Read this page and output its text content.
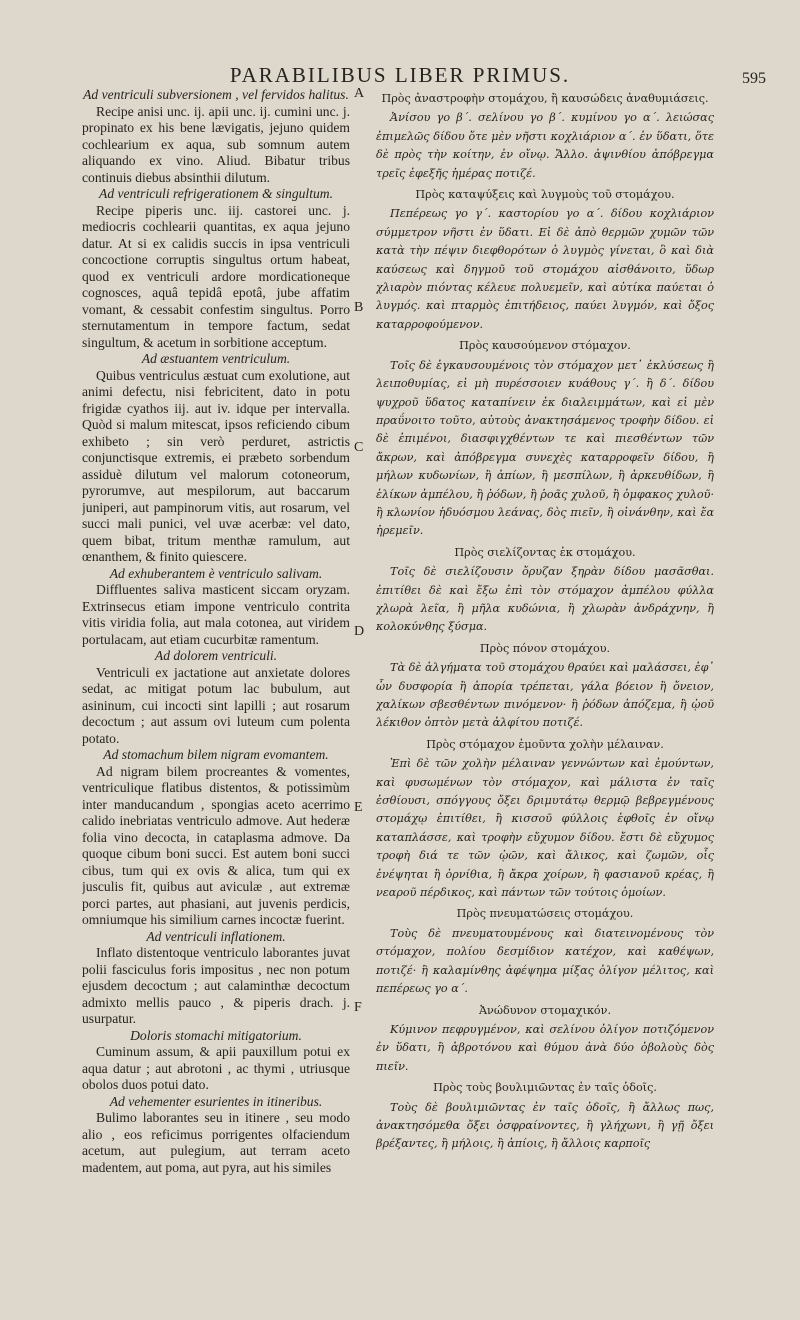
PARABILIBUS LIBER PRIMUS.	595
Ad ventriculi subversionem , vel fervidos halitus.
Recipe anisi unc. ij. apii unc. ij. cumini unc. j. propinato ex his bene lævigatis, jejuno quidem cochlearium ex aqua, sub somnum autem aliquando ex vino. Aliud. Bibatur tribus continuis diebus absinthii dilutum.
Ad ventriculi refrigerationem & singultum.
Recipe piperis unc. iij. castorei unc. j. mediocris cochlearii quantitas, ex aqua jejuno datur. At si ex calidis succis in ipsa ventriculi concoctione corruptis singultus ortum habeat, quod ex ventriculi ardore mordicationeque cognosces, aquâ tepidâ epotâ, jube affatim vomant, & cessabit confestim singultus. Porro sternutamentum in tempore factum, sedat singultum, & acetum in sorbitione acceptum.
Ad æstuantem ventriculum.
Quibus ventriculus æstuat cum exolutione, aut animi defectu, nisi febricitent, dato in potu frigidæ cyathos iij. aut iv. idque per intervalla. Quòd si malum mitescat, ipsos reficiendo cibum exhibeto ; sin verò perduret, astrictis conjunctisque extremis, ei præbeto sorbendum assiduè dilutum vel malorum cotoneorum, pyrorumve, aut mespilorum, aut baccarum juniperi, aut pampinorum vitis, aut rosarum, vel succi mali punici, vel uvæ acerbæ: vel dato, quem bibat, tritum menthæ ramulum, aut œnanthem, & finito quiescere.
Ad exhuberantem è ventriculo salivam.
Diffluentes saliva masticent siccam oryzam. Extrinsecus etiam impone ventriculo contrita vitis viridia folia, aut mala cotonea, aut viridem portulacam, aut etiam cucurbitæ ramentum.
Ad dolorem ventriculi.
Ventriculi ex jactatione aut anxietate dolores sedat, ac mitigat potum lac bubulum, aut asininum, cui incocti sint lapilli ; aut rosarum decoctum ; aut assum ovi luteum cum polenta potato.
Ad stomachum bilem nigram evomantem.
Ad nigram bilem procreantes & vomentes, ventriculique flatibus distentos, & potissimùm inter manducandum , spongias aceto acerrimo calido inebriatas ventriculo admove. Aut hederæ folia vino decocta, in cataplasma admove. Da quoque cibum boni succi. Est autem boni succi cibus, tum qui ex ovis & alica, tum qui ex jusculis fit, quibus aut aviculæ , aut extremæ porci partes, aut phasiani, aut juvenis perdicis, omniumque his similium carnes incoctæ fuerint.
Ad ventriculi inflationem.
Inflato distentoque ventriculo laborantes juvat polii fasciculus foris impositus , nec non potum ejusdem decoctum ; aut calaminthæ decoctum admixto mellis pauco , & piperis drach. j. usurpatur.
Doloris stomachi mitigatorium.
Cuminum assum, & apii pauxillum potui ex aqua datur ; aut abrotoni , ac thymi , utriusque obolos duos potui dato.
Ad vehementer esurientes in itineribus.
Bulimo laborantes seu in itinere , seu modo alio , eos reficimus porrigentes olfaciendum acetum, aut pulegium, aut terram aceto madentem, aut poma, aut pyra, aut his similes
Πρὸς ἀναστροφὴν στομάχου, ἢ καυσώδεις ἀναθυμιάσεις.
Ἀνίσου γο β΄. σελίνου γο β΄. κυμίνου γο α΄. λειώσας ἐπιμελῶς δίδου ὅτε μὲν νῆστι κοχλιάριον α΄. ἐν ὕδατι, ὅτε δὲ πρὸς τὴν κοίτην, ἐν οἴνῳ. Ἄλλο. ἀψινθίου ἀπόβρεγμα τρεῖς ἐφεξῆς ἡμέρας ποτιζέ.
Πρὸς καταψύξεις καὶ λυγμοὺς τοῦ στομάχου.
Πεπέρεως γο γ΄. καστορίου γο α΄. δίδου κοχλιάριον σύμμετρον νῆστι ἐν ὕδατι. Εἰ δὲ ἀπὸ θερμῶν χυμῶν τῶν κατὰ τὴν πέψιν διεφθορότων ὁ λυγμὸς γίνεται, ὃ καὶ διὰ καύσεως καὶ δηγμοῦ τοῦ στομάχου αἰσθάνοιτο, ὕδωρ χλιαρὸν πιόντας κέλευε πολυεμεῖν, καὶ αὐτίκα παύεται ὁ λυγμός. καὶ πταρμὸς ἐπιτήδειος, παύει λυγμόν, καὶ ὄξος καταρροφούμενον.
Πρὸς καυσούμενον στόμαχον.
Τοῖς δὲ ἐγκαυσουμένοις τὸν στόμαχον μετ᾽ ἐκλύσεως ἢ λειποθυμίας, εἰ μὴ πυρέσσοιεν κυάθους γ΄. ἢ δ΄. δίδου ψυχροῦ ὕδατος καταπίνειν ἐκ διαλειμμάτων, καὶ εἰ μὲν πραΰνοιτο τοῦτο, αὐτοὺς ἀνακτησάμενος τροφὴν δίδου. εἰ δὲ ἐπιμένοι, διασφιγχθέντων τε καὶ πιεσθέντων τῶν ἄκρων, καὶ ἀπόβρεγμα συνεχὲς καταρροφεῖν δίδου, ἢ μήλων κυδωνίων, ἢ ἀπίων, ἢ μεσπίλων, ἢ ἀρκευθίδων, ἢ ἑλίκων ἀμπέλου, ἢ ῥόδων, ἢ ῥοᾶς χυλοῦ, ἢ ὀμφακος χυλοῦ· ἢ κλωνίον ἡδυόσμου λεάνας, δὸς πιεῖν, ἢ οἰνάνθην, καὶ ἔα ἠρεμεῖν.
Πρὸς σιελίζοντας ἐκ στομάχου.
Τοῖς δὲ σιελίζουσιν ὄρυζαν ξηρὰν δίδου μασᾶσθαι. ἐπιτίθει δὲ καὶ ἔξω ἐπὶ τὸν στόμαχον ἀμπέλου φύλλα χλωρὰ λεῖα, ἢ μῆλα κυδώνια, ἢ χλωρὰν ἀνδράχνην, ἢ κολοκύνθης ξύσμα.
Πρὸς πόνον στομάχου.
Τὰ δὲ ἀλγήματα τοῦ στομάχου θραύει καὶ μαλάσσει, ἐφ᾽ ὧν δυσφορία ἢ ἀπορία τρέπεται, γάλα βόειον ἢ ὄνειον, χαλίκων σβεσθέντων πινόμενον· ἢ ῥόδων ἀπόζεμα, ἢ ᾠοῦ λέκιθον ὀπτὸν μετὰ ἀλφίτου ποτιζέ.
Πρὸς στόμαχον ἐμοῦντα χολὴν μέλαιναν.
Ἐπὶ δὲ τῶν χολὴν μέλαιναν γεννώντων καὶ ἐμούντων, καὶ φυσωμένων τὸν στόμαχον, καὶ μάλιστα ἐν ταῖς ἐσθίουσι, σπόγγους ὄξει δριμυτάτῳ θερμῷ βεβρεγμένους στομάχῳ ἐπιτίθει, ἢ κισσοῦ φύλλοις ἑφθοῖς ἐν οἴνῳ καταπλάσσε, καὶ τροφὴν εὔχυμον δίδου. ἔστι δὲ εὔχυμος τροφὴ διά τε τῶν ᾠῶν, καὶ ἄλικος, καὶ ζωμῶν, οἷς ἐνέψηται ἢ ὀρνίθια, ἢ ἄκρα χοίρων, ἢ φασιανοῦ κρέας, ἢ νεαροῦ πέρδικος, καὶ πάντων τῶν τούτοις ὁμοίων.
Πρὸς πνευματώσεις στομάχου.
Τοὺς δὲ πνευματουμένους καὶ διατεινομένους τὸν στόμαχον, πολίου δεσμίδιον κατέχον, καὶ καθέψων, ποτιζέ· ἢ καλαμίνθης ἀφέψημα μίξας ὀλίγον μέλιτος, καὶ πεπέρεως γο α΄.
Ἀνώδυνον στομαχικόν.
Κύμινον πεφρυγμένον, καὶ σελίνου ὀλίγον ποτιζόμενον ἐν ὕδατι, ἢ ἀβροτόνου καὶ θύμου ἀνὰ δύο ὀβολοὺς δὸς πιεῖν.
Πρὸς τοὺς βουλιμιῶντας ἐν ταῖς ὁδοῖς.
Τοὺς δὲ βουλιμιῶντας ἐν ταῖς ὁδοῖς, ἢ ἄλλως πως, ἀνακτησόμεθα ὄξει ὀσφραίνοντες, ἢ γλήχωνι, ἢ γῇ ὄξει βρέξαντες, ἢ μήλοις, ἢ ἀπίοις, ἢ ἄλλοις καρποῖς
A
B
C
D
E
F
